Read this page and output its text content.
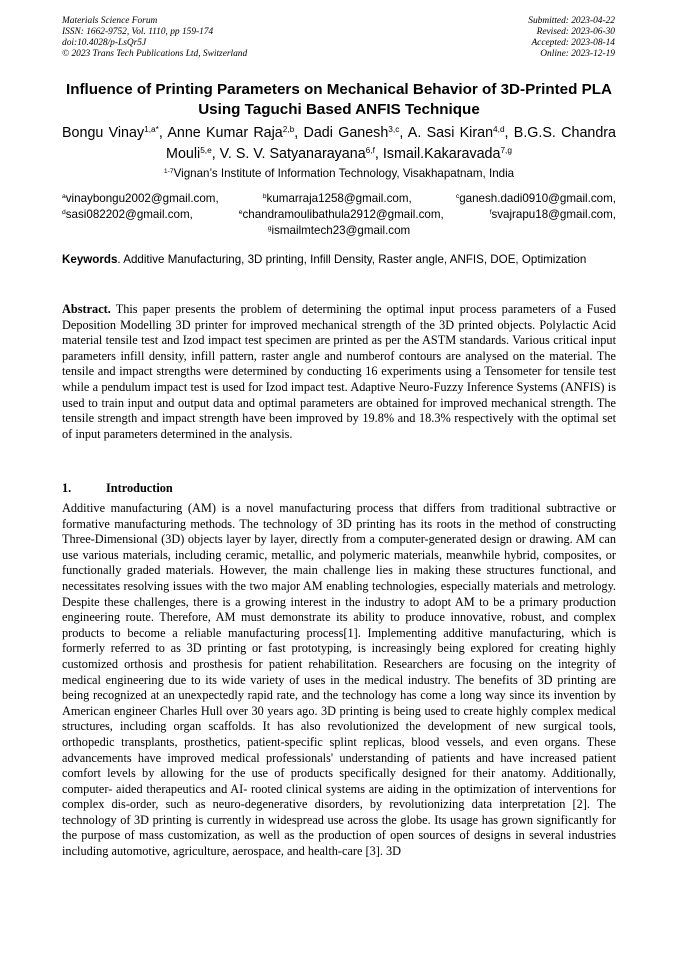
Materials Science Forum	Submitted: 2023-04-22
ISSN: 1662-9752, Vol. 1110, pp 159-174	Revised: 2023-06-30
doi:10.4028/p-LsQr5J	Accepted: 2023-08-14
© 2023 Trans Tech Publications Ltd, Switzerland	Online: 2023-12-19
Influence of Printing Parameters on Mechanical Behavior of 3D-Printed PLA Using Taguchi Based ANFIS Technique
Bongu Vinay$^{1,a*}$, Anne Kumar Raja$^{2,b}$, Dadi Ganesh$^{3,c}$, A. Sasi Kiran$^{4,d}$, B.G.S. Chandra Mouli$^{5,e}$, V. S. V. Satyanarayana$^{6,f}$, Ismail.Kakaravada$^{7,g}$
$^{1-7}$Vignan’s Institute of Information Technology, Visakhapatnam, India
$^a$vinaybongu2002@gmail.com,	$^b$kumarraja1258@gmail.com,	$^c$ganesh.dadi0910@gmail.com,
$^d$sasi082202@gmail.com,	$^e$chandramoulibathula2912@gmail.com,	$^f$svajrapu18@gmail.com,
$^g$ismailmtech23@gmail.com
Keywords. Additive Manufacturing, 3D printing, Infill Density, Raster angle, ANFIS, DOE, Optimization
Abstract. This paper presents the problem of determining the optimal input process parameters of a Fused Deposition Modelling 3D printer for improved mechanical strength of the 3D printed objects. Polylactic Acid material tensile test and Izod impact test specimen are printed as per the ASTM standards. Various critical input parameters infill density, infill pattern, raster angle and numberof contours are analysed on the material. The tensile and impact strengths were determined by conducting 16 experiments using a Tensometer for tensile test while a pendulum impact test is used for Izod impact test. Adaptive Neuro-Fuzzy Inference Systems (ANFIS) is used to train input and output data and optimal parameters are obtained for improved mechanical strength. The tensile strength and impact strength have been improved by 19.8% and 18.3% respectively with the optimal set of input parameters determined in the analysis.
1.	Introduction
Additive manufacturing (AM) is a novel manufacturing process that differs from traditional subtractive or formative manufacturing methods. The technology of 3D printing has its roots in the method of constructing Three-Dimensional (3D) objects layer by layer, directly from a computer-generated design or drawing. AM can use various materials, including ceramic, metallic, and polymeric materials, meanwhile hybrid, composites, or functionally graded materials. However, the main challenge lies in making these structures functional, and necessitates resolving issues with the two major AM enabling technologies, especially materials and metrology. Despite these challenges, there is a growing interest in the industry to adopt AM to be a primary production engineering route. Therefore, AM must demonstrate its ability to produce innovative, robust, and complex products to become a reliable manufacturing process[1]. Implementing additive manufacturing, which is formerly referred to as 3D printing or fast prototyping, is increasingly being explored for creating highly customized orthosis and prosthesis for patient rehabilitation. Researchers are focusing on the integrity of medical engineering due to its wide variety of uses in the medical industry. The benefits of 3D printing are being recognized at an unexpectedly rapid rate, and the technology has come a long way since its invention by American engineer Charles Hull over 30 years ago. 3D printing is being used to create highly complex medical structures, including organ scaffolds. It has also revolutionized the development of new surgical tools, orthopedic transplants, prosthetics, patient-specific splint replicas, blood vessels, and even organs. These advancements have improved medical professionals' understanding of patients and have increased patient comfort levels by allowing for the use of products specifically designed for their anatomy. Additionally, computer- aided therapeutics and AI- rooted clinical systems are aiding in the optimization of interventions for complex dis-order, such as neuro-degenerative disorders, by revolutionizing data interpretation [2]. The technology of 3D printing is currently in widespread use across the globe. Its usage has grown significantly for the purpose of mass customization, as well as the production of open sources of designs in several industries including automotive, agriculture, aerospace, and health-care [3]. 3D
